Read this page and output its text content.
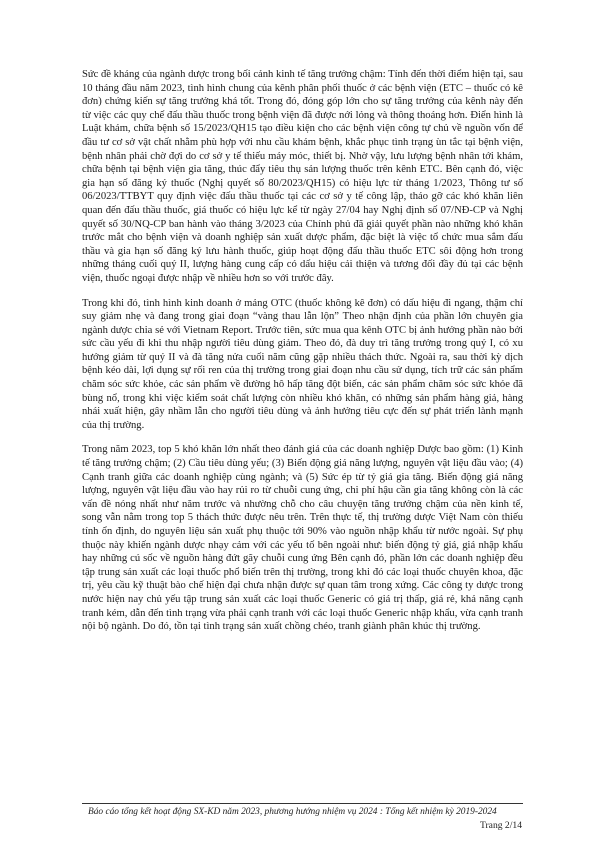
Sức đề kháng của ngành dược trong bối cảnh kinh tế tăng trưởng chậm: Tính đến thời điểm hiện tại, sau 10 tháng đầu năm 2023, tình hình chung của kênh phân phối thuốc ở các bệnh viện (ETC – thuốc có kê đơn) chứng kiến sự tăng trưởng khá tốt. Trong đó, đóng góp lớn cho sự tăng trưởng của kênh này đến từ việc các quy chế đấu thầu thuốc trong bệnh viện đã được nới lỏng và thông thoáng hơn. Điển hình là Luật khám, chữa bệnh số 15/2023/QH15 tạo điều kiện cho các bệnh viện công tự chủ về nguồn vốn để đầu tư cơ sở vật chất nhằm phù hợp với nhu cầu khám bệnh, khắc phục tình trạng ùn tắc tại bệnh viện, bệnh nhân phải chờ đợi do cơ sở y tế thiếu máy móc, thiết bị. Nhờ vậy, lưu lượng bệnh nhân tới khám, chữa bệnh tại bệnh viện gia tăng, thúc đẩy tiêu thụ sản lượng thuốc trên kênh ETC. Bên cạnh đó, việc gia hạn số đăng ký thuốc (Nghị quyết số 80/2023/QH15) có hiệu lực từ tháng 1/2023, Thông tư số 06/2023/TTBYT quy định việc đấu thầu thuốc tại các cơ sở y tế công lập, tháo gỡ các khó khăn liên quan đến đấu thầu thuốc, giá thuốc có hiệu lực kể từ ngày 27/04 hay Nghị định số 07/NĐ-CP và Nghị quyết số 30/NQ-CP ban hành vào tháng 3/2023 của Chính phủ đã giải quyết phần nào những khó khăn trước mắt cho bệnh viện và doanh nghiệp sản xuất dược phẩm, đặc biệt là việc tổ chức mua sắm đấu thầu và gia hạn số đăng ký lưu hành thuốc, giúp hoạt động đấu thầu thuốc ETC sôi động hơn trong những tháng cuối quý II, lượng hàng cung cấp có dấu hiệu cải thiện và tương đối đầy đủ tại các bệnh viện, thuốc ngoại được nhập về nhiều hơn so với trước đây.

Trong khi đó, tình hình kinh doanh ở mảng OTC (thuốc không kê đơn) có dấu hiệu đi ngang, thậm chí suy giảm nhẹ và đang trong giai đoạn “vàng thau lẫn lộn” Theo nhận định của phần lớn chuyên gia ngành dược chia sẻ với Vietnam Report. Trước tiên, sức mua qua kênh OTC bị ảnh hưởng phần nào bởi sức cầu yếu đi khi thu nhập người tiêu dùng giảm. Theo đó, đà duy trì tăng trưởng trong quý I, có xu hướng giảm từ quý II và đà tăng nửa cuối năm cũng gặp nhiều thách thức. Ngoài ra, sau thời kỳ dịch bệnh kéo dài, lợi dụng sự rối ren của thị trường trong giai đoạn nhu cầu sử dụng, tích trữ các sản phẩm chăm sóc sức khỏe, các sản phẩm về đường hô hấp tăng đột biến, các sản phẩm chăm sóc sức khỏe đã bùng nổ, trong khi việc kiểm soát chất lượng còn nhiều khó khăn, có những sản phẩm hàng giả, hàng nhái xuất hiện, gây nhầm lẫn cho người tiêu dùng và ảnh hưởng tiêu cực đến sự phát triển lành mạnh của thị trường.

Trong năm 2023, top 5 khó khăn lớn nhất theo đánh giá của các doanh nghiệp Dược bao gồm: (1) Kinh tế tăng trưởng chậm; (2) Cầu tiêu dùng yếu; (3) Biến động giá năng lượng, nguyên vật liệu đầu vào; (4) Cạnh tranh giữa các doanh nghiệp cùng ngành; và (5) Sức ép từ tỷ giá gia tăng. Biến động giá năng lượng, nguyên vật liệu đầu vào hay rủi ro từ chuỗi cung ứng, chi phí hậu cần gia tăng không còn là các vấn đề nóng nhất như năm trước và nhường chỗ cho câu chuyện tăng trưởng chậm của nền kinh tế, song vẫn nằm trong top 5 thách thức được nêu trên. Trên thực tế, thị trường dược Việt Nam còn thiếu tính ổn định, do nguyên liệu sản xuất phụ thuộc tới 90% vào nguồn nhập khẩu từ nước ngoài. Sự phụ thuộc này khiến ngành dược nhạy cảm với các yếu tố bên ngoài như: biến động tỷ giá, giá nhập khẩu hay những cú sốc về nguồn hàng đứt gãy chuỗi cung ứng Bên cạnh đó, phần lớn các doanh nghiệp đều tập trung sản xuất các loại thuốc phổ biến trên thị trường, trong khi đó các loại thuốc chuyên khoa, đặc trị, yêu cầu kỹ thuật bào chế hiện đại chưa nhận được sự quan tâm trong xứng. Các công ty dược trong nước hiện nay chủ yếu tập trung sản xuất các loại thuốc Generic có giá trị thấp, giá rẻ, khả năng cạnh tranh kém, dẫn đến tình trạng vừa phải cạnh tranh với các loại thuốc Generic nhập khẩu, vừa cạnh tranh nội bộ ngành. Do đó, tồn tại tình trạng sản xuất chồng chéo, tranh giành phân khúc thị trường.

Báo cáo tổng kết hoạt động SX-KD năm 2023, phương hướng nhiệm vụ 2024 : Tổng kết nhiệm kỳ 2019-2024
Trang 2/14
